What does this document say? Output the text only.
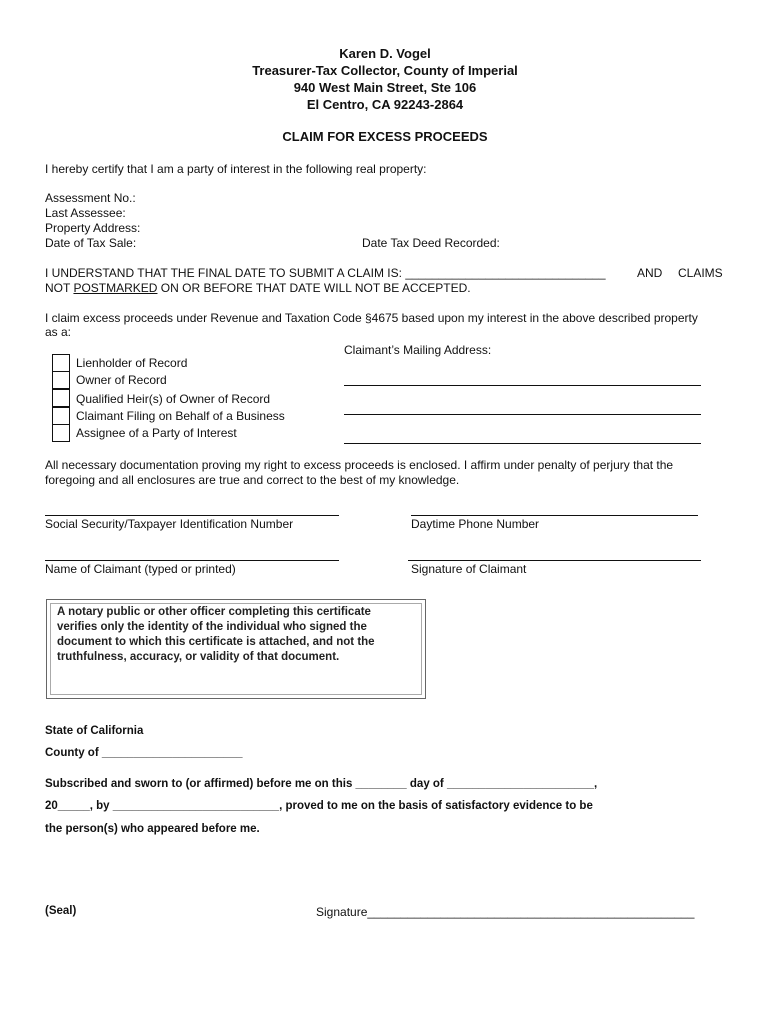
Karen D. Vogel
Treasurer-Tax Collector, County of Imperial
940 West Main Street, Ste 106
El Centro, CA 92243-2864
CLAIM FOR EXCESS PROCEEDS
I hereby certify that I am a party of interest in the following real property:
Assessment No.:
Last Assessee:
Property Address:
Date of Tax Sale:	Date Tax Deed Recorded:
I UNDERSTAND THAT THE FINAL DATE TO SUBMIT A CLAIM IS: ______________________________	AND CLAIMS
NOT POSTMARKED ON OR BEFORE THAT DATE WILL NOT BE ACCEPTED.
I claim excess proceeds under Revenue and Taxation Code §4675 based upon my interest in the above described property
as a:
Claimant’s Mailing Address:
Lienholder of Record
Owner of Record
Qualified Heir(s) of Owner of Record
Claimant Filing on Behalf of a Business
Assignee of a Party of Interest
All necessary documentation proving my right to excess proceeds is enclosed. I affirm under penalty of perjury that the
foregoing and all enclosures are true and correct to the best of my knowledge.
Social Security/Taxpayer Identification Number	Daytime Phone Number
Name of Claimant (typed or printed)	Signature of Claimant
A notary public or other officer completing this certificate verifies only the identity of the individual who signed the document to which this certificate is attached, and not the truthfulness, accuracy, or validity of that document.
State of California
County of ______________________
Subscribed and sworn to (or affirmed) before me on this ________ day of _______________________,
20_____, by __________________________, proved to me on the basis of satisfactory evidence to be
the person(s) who appeared before me.
(Seal)	Signature_________________________________________________
